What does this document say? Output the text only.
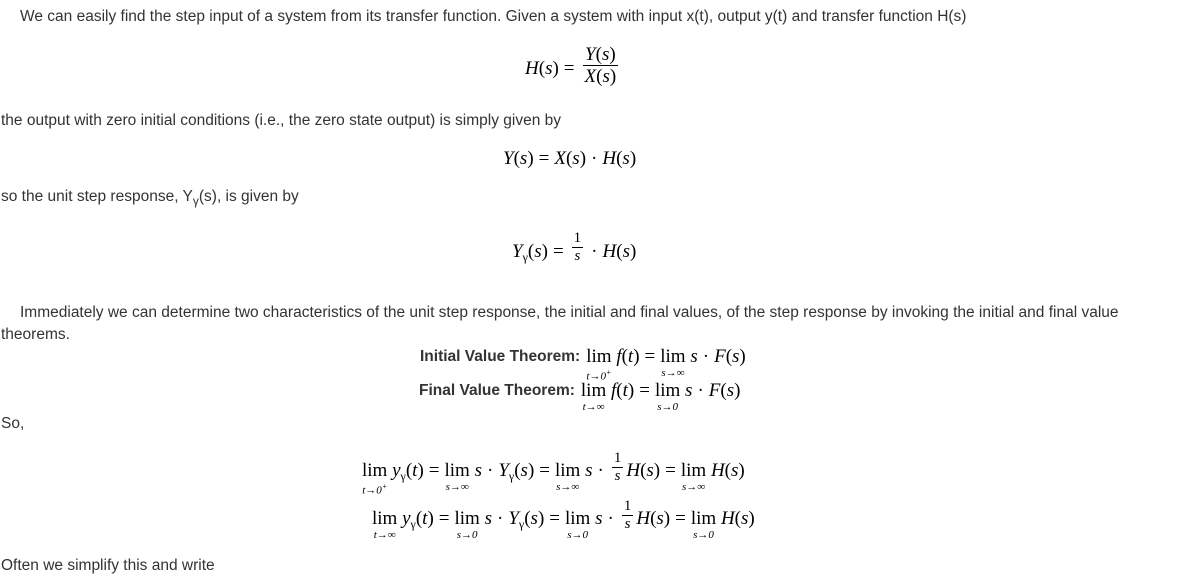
We can easily find the step input of a system from its transfer function. Given a system with input x(t), output y(t) and transfer function H(s)
$H(s) = \frac{Y(s)}{X(s)}$
the output with zero initial conditions (i.e., the zero state output) is simply given by
Y(s) = X(s) · H(s)
so the unit step response, $Y_\gamma(s)$, is given by
$Y_\gamma(s) = \frac{1}{s} \cdot H(s)$
Immediately we can determine two characteristics of the unit step response, the initial and final values, of the step response by invoking the initial and final value theorems.
Initial Value Theorem: lim
t→0+
f(t) = lim
s→∞
s · F(s)
Final Value Theorem: lim
t→∞
f(t) = lim
s→0
s · F(s)
So,
lim
t→0+
$y_\gamma(t) = \lim$
s→∞
$s \cdot Y_\gamma(s) = \lim$
s→∞
$s \cdot \frac{1}{s} H(s) = \lim$
s→∞
H(s)
lim
t→∞
$y_\gamma(t) = \lim$
s→0
$s \cdot Y_\gamma(s) = \lim$
s→0
$s \cdot \frac{1}{s} H(s) = \lim$
s→0
H(s)
Often we simplify this and write
